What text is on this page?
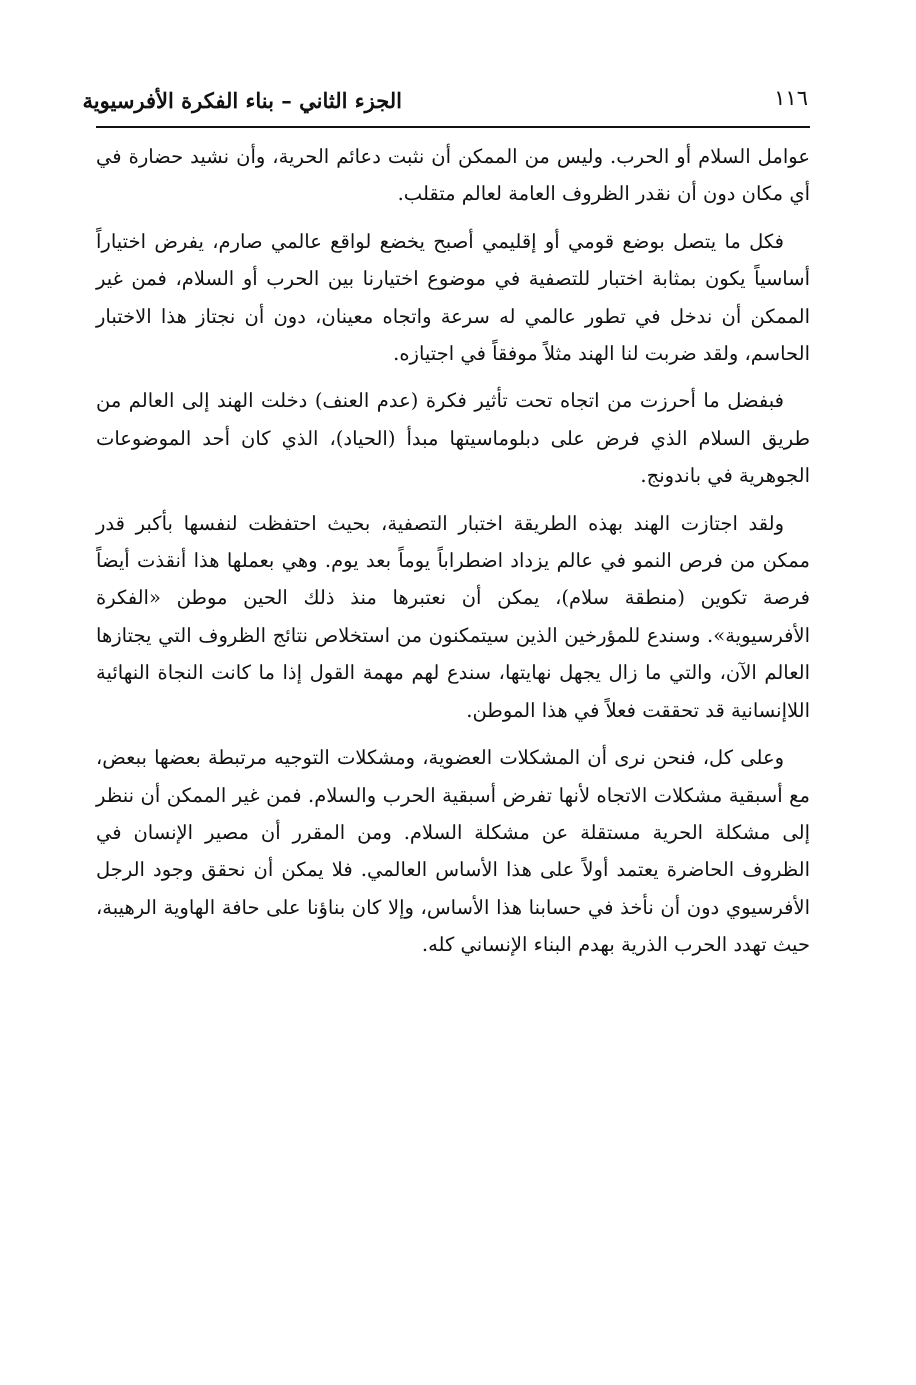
الجزء الثاني – بناء الفكرة الأفرسيوية	١١٦

عوامل السلام أو الحرب. وليس من الممكن أن نثبت دعائم الحرية، وأن نشيد حضارة في أي مكان دون أن نقدر الظروف العامة لعالم متقلب.

فكل ما يتصل بوضع قومي أو إقليمي أصبح يخضع لواقع عالمي صارم، يفرض اختياراً أساسياً يكون بمثابة اختبار للتصفية في موضوع اختيارنا بين الحرب أو السلام، فمن غير الممكن أن ندخل في تطور عالمي له سرعة واتجاه معينان، دون أن نجتاز هذا الاختبار الحاسم، ولقد ضربت لنا الهند مثلاً موفقاً في اجتيازه.

فبفضل ما أحرزت من اتجاه تحت تأثير فكرة (عدم العنف) دخلت الهند إلى العالم من طريق السلام الذي فرض على دبلوماسيتها مبدأ (الحياد)، الذي كان أحد الموضوعات الجوهرية في باندونج.

ولقد اجتازت الهند بهذه الطريقة اختبار التصفية، بحيث احتفظت لنفسها بأكبر قدر ممكن من فرص النمو في عالم يزداد اضطراباً يوماً بعد يوم. وهي بعملها هذا أنقذت أيضاً فرصة تكوين (منطقة سلام)، يمكن أن نعتبرها منذ ذلك الحين موطن «الفكرة الأفرسيوية». وسندع للمؤرخين الذين سيتمكنون من استخلاص نتائج الظروف التي يجتازها العالم الآن، والتي ما زال يجهل نهايتها، سندع لهم مهمة القول إذا ما كانت النجاة النهائية اللاإنسانية قد تحققت فعلاً في هذا الموطن.

وعلى كل، فنحن نرى أن المشكلات العضوية، ومشكلات التوجيه مرتبطة بعضها ببعض، مع أسبقية مشكلات الاتجاه لأنها تفرض أسبقية الحرب والسلام. فمن غير الممكن أن ننظر إلى مشكلة الحرية مستقلة عن مشكلة السلام. ومن المقرر أن مصير الإنسان في الظروف الحاضرة يعتمد أولاً على هذا الأساس العالمي. فلا يمكن أن نحقق وجود الرجل الأفرسيوي دون أن نأخذ في حسابنا هذا الأساس، وإلا كان بناؤنا على حافة الهاوية الرهيبة، حيث تهدد الحرب الذرية بهدم البناء الإنساني كله.
